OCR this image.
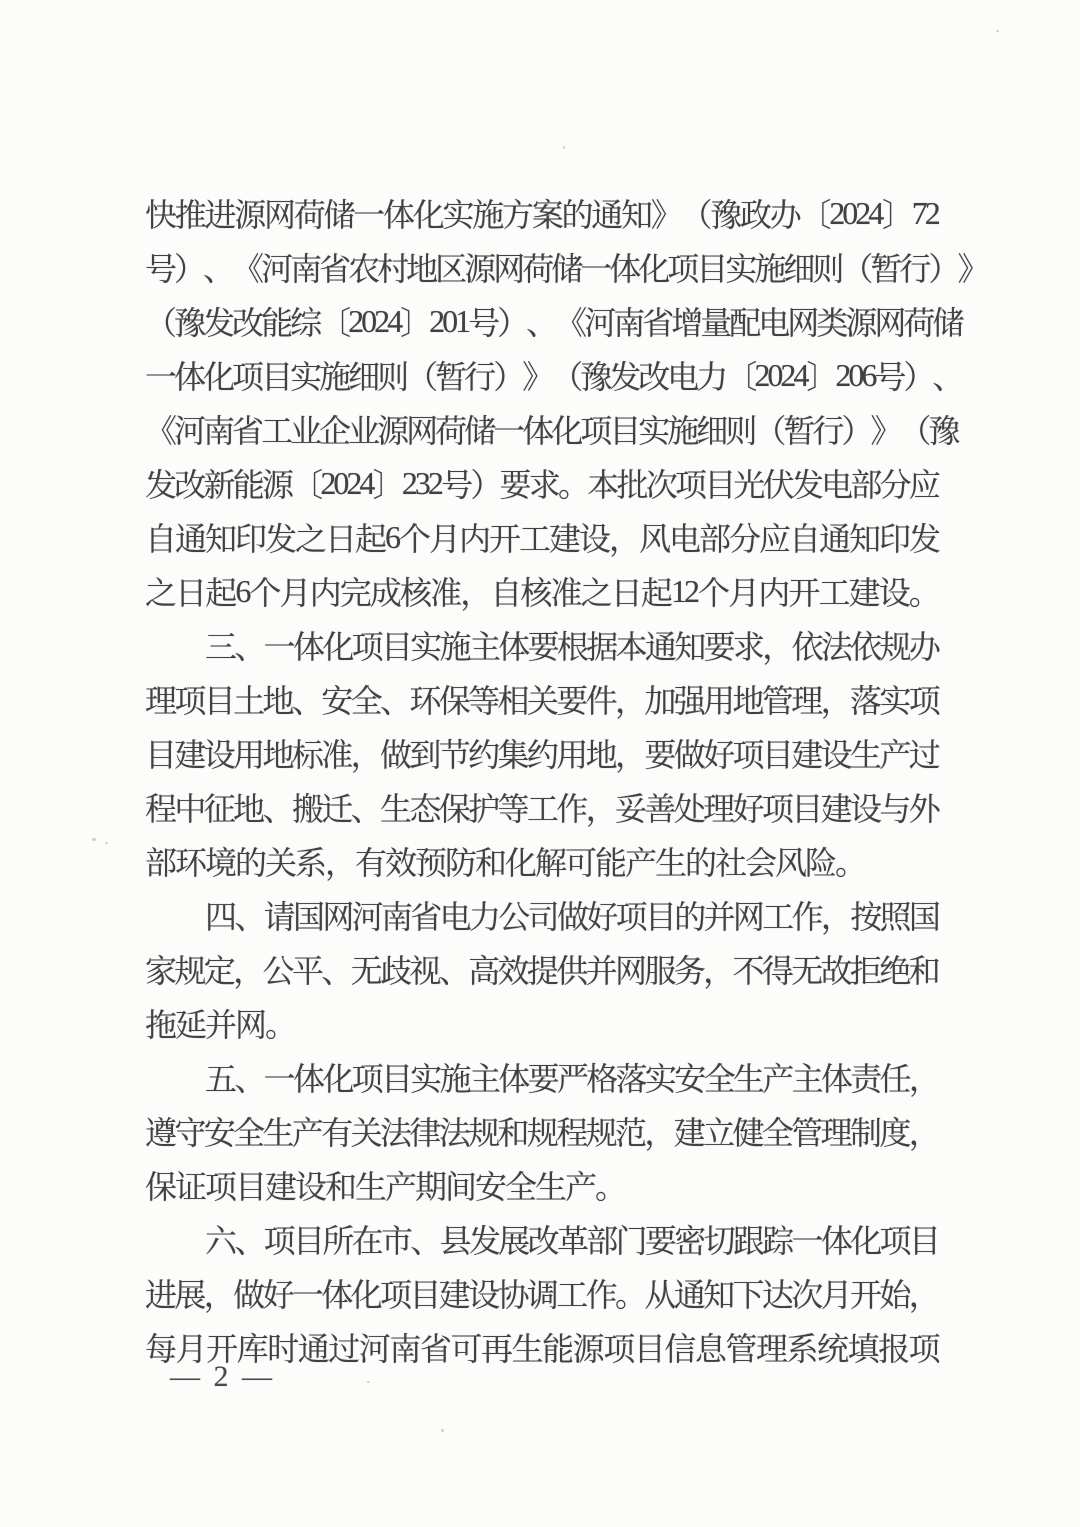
快 推 进 源 网 荷 储 一 体 化 实 施 方 案 的 通 知 》 （ 豫 政 办 〔 2024 〕 72
号 ） 、 《 河 南 省 农 村 地 区 源 网 荷 储 一 体 化 项 目 实 施 细 则 （ 暂 行 ） 》
（ 豫 发 改 能 综 〔 2024 〕 201 号 ） 、 《 河 南 省 增 量 配 电 网 类 源 网 荷 储
一 体 化 项 目 实 施 细 则 （ 暂 行 ） 》 （ 豫 发 改 电 力 〔 2024 〕 206 号 ） 、
《 河 南 省 工 业 企 业 源 网 荷 储 一 体 化 项 目 实 施 细 则 （ 暂 行 ） 》 （ 豫
发 改 新 能 源 〔 2024 〕 232 号 ） 要 求 。 本 批 次 项 目 光 伏 发 电 部 分 应
自 通 知 印 发 之 日 起 6 个 月 内 开 工 建 设 ， 风 电 部 分 应 自 通 知 印 发
之 日 起 6 个 月 内 完 成 核 准 ， 自 核 准 之 日 起 12 个 月 内 开 工 建 设 。
三 、 一 体 化 项 目 实 施 主 体 要 根 据 本 通 知 要 求 ， 依 法 依 规 办
理 项 目 土 地 、 安 全 、 环 保 等 相 关 要 件 ， 加 强 用 地 管 理 ， 落 实 项
目 建 设 用 地 标 准 ， 做 到 节 约 集 约 用 地 ， 要 做 好 项 目 建 设 生 产 过
程 中 征 地 、 搬 迁 、 生 态 保 护 等 工 作 ， 妥 善 处 理 好 项 目 建 设 与 外
部 环 境 的 关 系 ， 有 效 预 防 和 化 解 可 能 产 生 的 社 会 风 险 。
四 、 请 国 网 河 南 省 电 力 公 司 做 好 项 目 的 并 网 工 作 ， 按 照 国
家 规 定 ， 公 平 、 无 歧 视 、 高 效 提 供 并 网 服 务 ， 不 得 无 故 拒 绝 和
拖 延 并 网 。
五 、 一 体 化 项 目 实 施 主 体 要 严 格 落 实 安 全 生 产 主 体 责 任 ，
遵 守 安 全 生 产 有 关 法 律 法 规 和 规 程 规 范 ， 建 立 健 全 管 理 制 度 ，
保 证 项 目 建 设 和 生 产 期 间 安 全 生 产 。
六 、 项 目 所 在 市 、 县 发 展 改 革 部 门 要 密 切 跟 踪 一 体 化 项 目
进 展 ， 做 好 一 体 化 项 目 建 设 协 调 工 作 。 从 通 知 下 达 次 月 开 始 ，
每 月 开 库 时 通 过 河 南 省 可 再 生 能 源 项 目 信 息 管 理 系 统 填 报 项
— 2 —
